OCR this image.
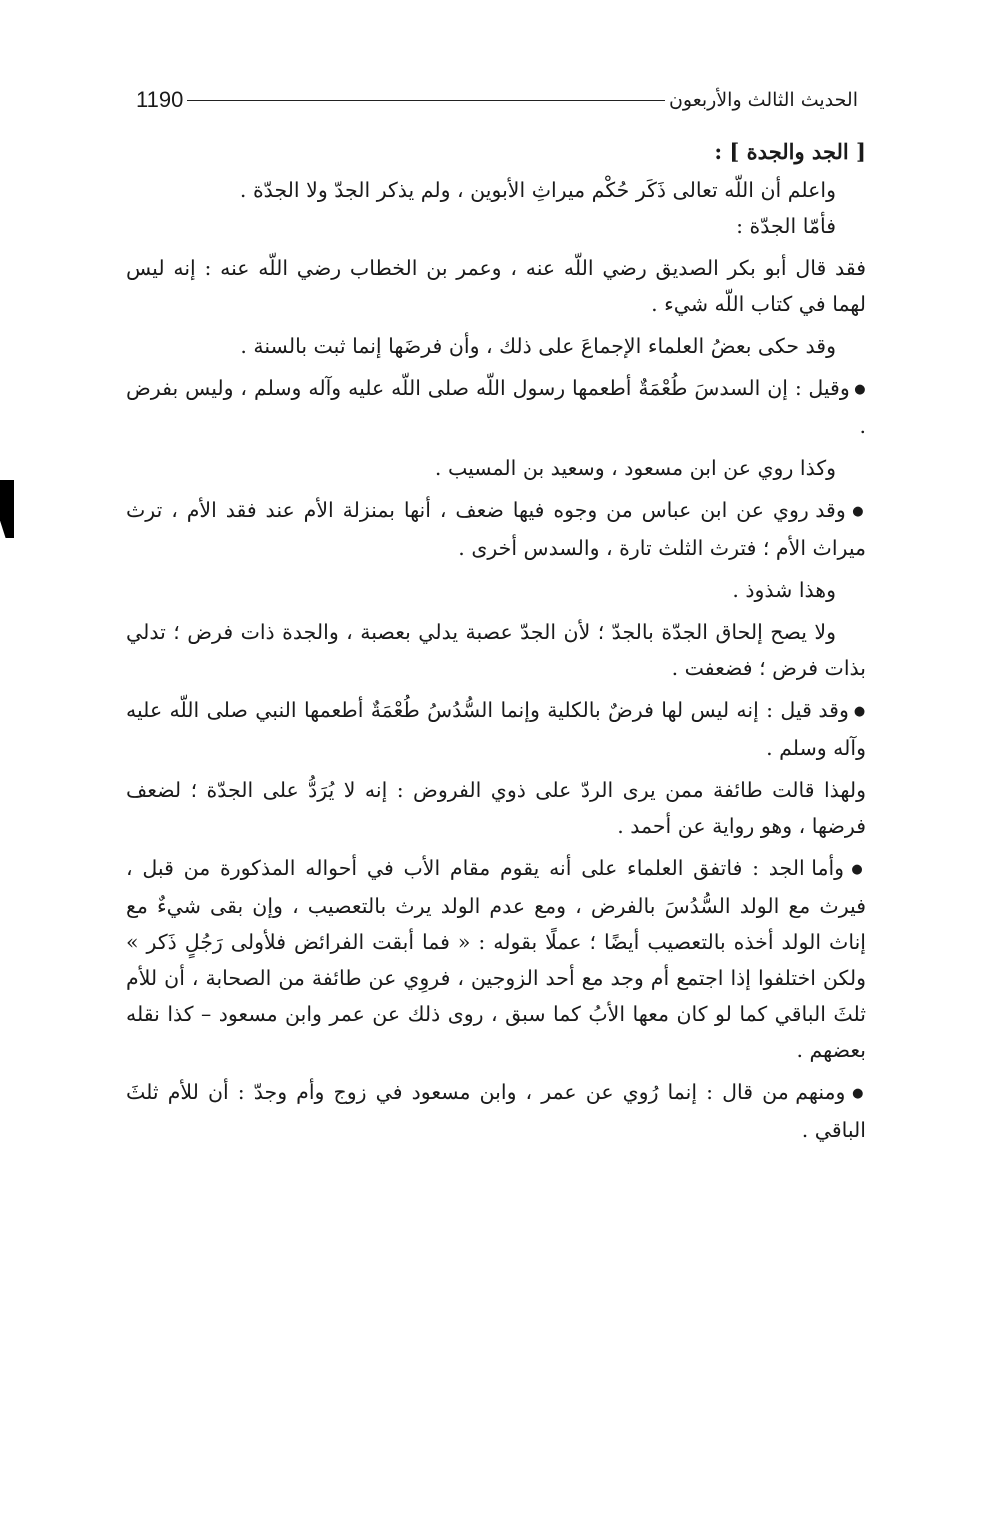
الحديث الثالث والأربعون
1190
[ الجد والجدة ] :

واعلم أن اللّه تعالى ذَكَر حُكْم ميراثِ الأبوين ، ولم يذكر الجدّ ولا الجدّة .

فأمّا الجدّة :

فقد قال أبو بكر الصديق رضي اللّه عنه ، وعمر بن الخطاب رضي اللّه عنه : إنه ليس لهما في كتاب اللّه شيء .

وقد حكى بعضُ العلماء الإجماعَ على ذلك ، وأن فرضَها إنما ثبت بالسنة .

● وقيل : إن السدسَ طُعْمَةٌ أطعمها رسول اللّه صلى اللّه عليه وآله وسلم ، وليس بفرض .

وكذا روي عن ابن مسعود ، وسعيد بن المسيب .

● وقد روي عن ابن عباس من وجوه فيها ضعف ، أنها بمنزلة الأم عند فقد الأم ، ترث ميراث الأم ؛ فترث الثلث تارة ، والسدس أخرى .

وهذا شذوذ .

ولا يصح إلحاق الجدّة بالجدّ ؛ لأن الجدّ عصبة يدلي بعصبة ، والجدة ذات فرض ؛ تدلي بذات فرض ؛ فضعفت .

● وقد قيل : إنه ليس لها فرضٌ بالكلية وإنما السُّدُسُ طُعْمَةٌ أطعمها النبي صلى اللّه عليه وآله وسلم .

ولهذا قالت طائفة ممن يرى الردّ على ذوي الفروض : إنه لا يُرَدُّ على الجدّة ؛ لضعف فرضها ، وهو رواية عن أحمد .

● وأما الجد : فاتفق العلماء على أنه يقوم مقام الأب في أحواله المذكورة من قبل ، فيرث مع الولد السُّدُسَ بالفرض ، ومع عدم الولد يرث بالتعصيب ، وإن بقى شيءٌ مع إناث الولد أخذه بالتعصيب أيضًا ؛ عملًا بقوله : « فما أبقت الفرائض فلأولى رَجُلٍ ذَكر » ولكن اختلفوا إذا اجتمع أم وجد مع أحد الزوجين ، فروِي عن طائفة من الصحابة ، أن للأم ثلثَ الباقي كما لو كان معها الأبُ كما سبق ، روى ذلك عن عمر وابن مسعود – كذا نقله بعضهم .

● ومنهم من قال : إنما رُوي عن عمر ، وابن مسعود في زوج وأم وجدّ : أن للأم ثلثَ الباقي .
